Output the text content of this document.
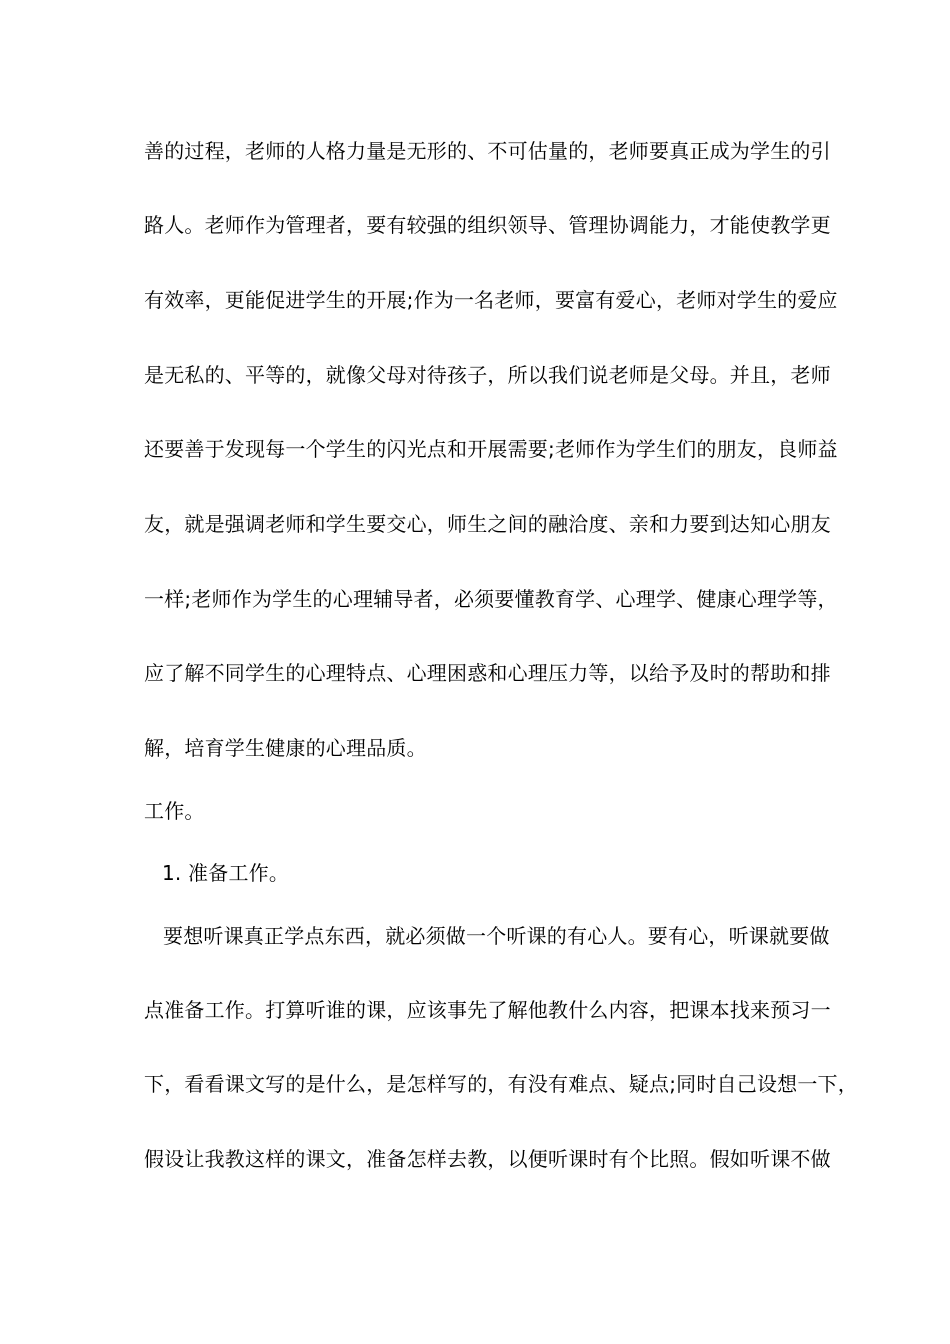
善的过程，老师的人格力量是无形的、不可估量的，老师要真正成为学生的引
路人。老师作为管理者，要有较强的组织领导、管理协调能力，才能使教学更
有效率，更能促进学生的开展;作为一名老师，要富有爱心，老师对学生的爱应
是无私的、平等的，就像父母对待孩子，所以我们说老师是父母。并且，老师
还要善于发现每一个学生的闪光点和开展需要;老师作为学生们的朋友，良师益
友，就是强调老师和学生要交心，师生之间的融洽度、亲和力要到达知心朋友
一样;老师作为学生的心理辅导者，必须要懂教育学、心理学、健康心理学等，
应了解不同学生的心理特点、心理困惑和心理压力等，以给予及时的帮助和排
解，培育学生健康的心理品质。
工作。
1. 准备工作。
要想听课真正学点东西，就必须做一个听课的有心人。要有心，听课就要做
点准备工作。打算听谁的课，应该事先了解他教什么内容，把课本找来预习一
下，看看课文写的是什么，是怎样写的，有没有难点、疑点;同时自己设想一下，
假设让我教这样的课文，准备怎样去教，以便听课时有个比照。假如听课不做
